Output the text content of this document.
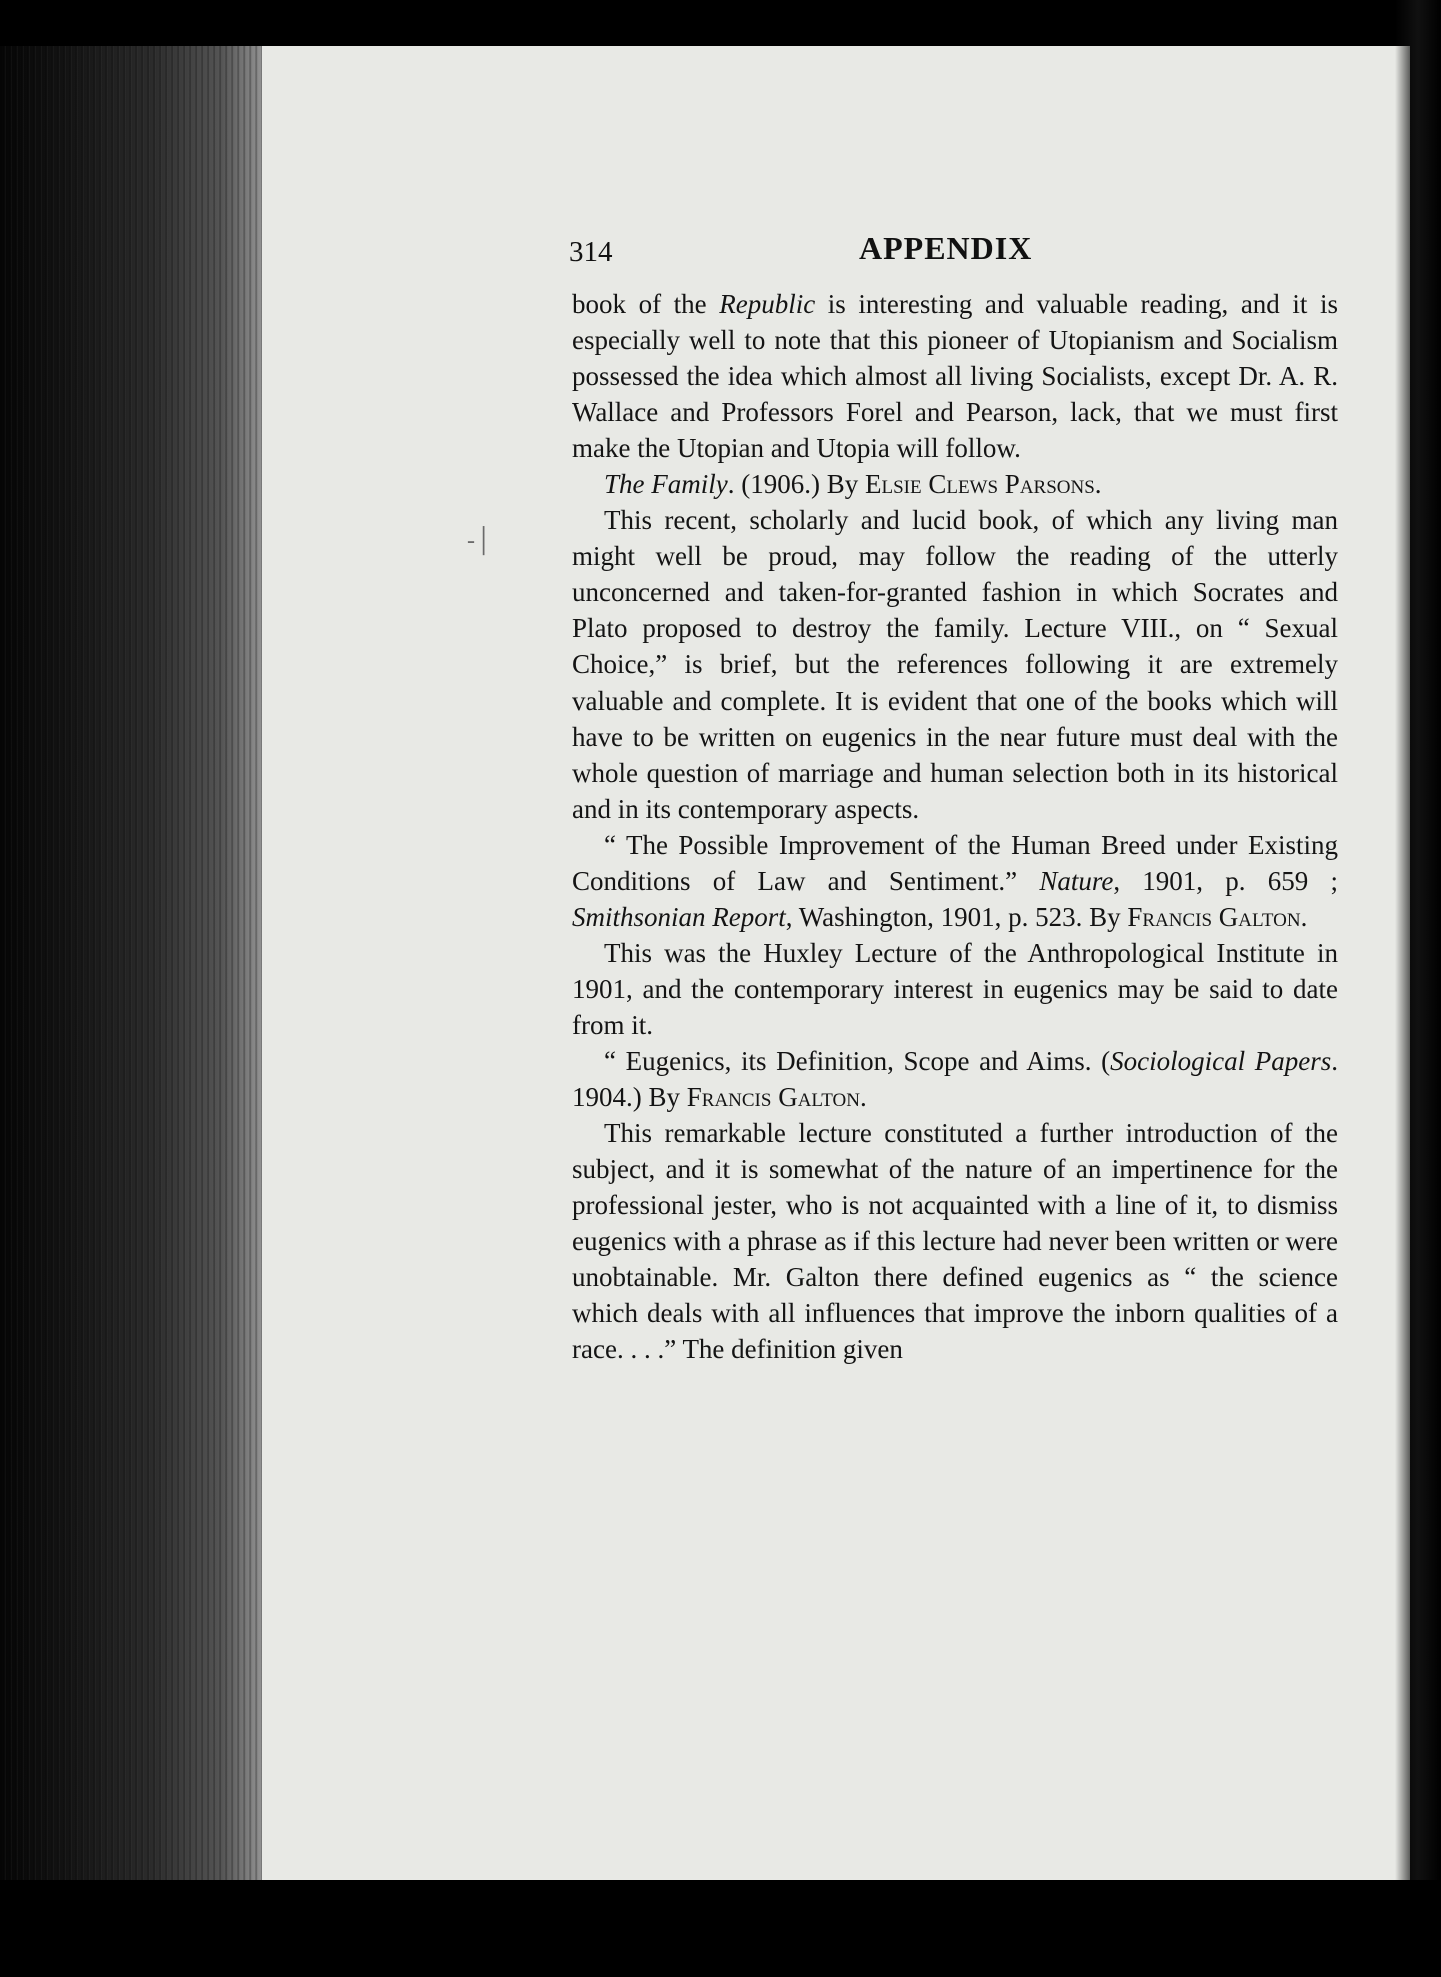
-│
314	APPENDIX

book of the Republic is interesting and valuable reading, and it is especially well to note that this pioneer of Utopianism and Socialism possessed the idea which almost all living Socialists, except Dr. A. R. Wallace and Professors Forel and Pearson, lack, that we must first make the Utopian and Utopia will follow.

The Family. (1906.) By Elsie Clews Parsons.

This recent, scholarly and lucid book, of which any living man might well be proud, may follow the reading of the utterly unconcerned and taken-for-granted fashion in which Socrates and Plato proposed to destroy the family. Lecture VIII., on “ Sexual Choice,” is brief, but the references following it are extremely valuable and complete. It is evident that one of the books which will have to be written on eugenics in the near future must deal with the whole question of marriage and human selection both in its historical and in its contemporary aspects.

“ The Possible Improvement of the Human Breed under Existing Conditions of Law and Sentiment.” Nature, 1901, p. 659 ; Smithsonian Report, Washington, 1901, p. 523. By Francis Galton.

This was the Huxley Lecture of the Anthropological Institute in 1901, and the contemporary interest in eugenics may be said to date from it.

“ Eugenics, its Definition, Scope and Aims. (Sociological Papers. 1904.) By Francis Galton.

This remarkable lecture constituted a further introduction of the subject, and it is somewhat of the nature of an impertinence for the professional jester, who is not acquainted with a line of it, to dismiss eugenics with a phrase as if this lecture had never been written or were unobtainable. Mr. Galton there defined eugenics as “ the science which deals with all influences that improve the inborn qualities of a race. . . .” The definition given
